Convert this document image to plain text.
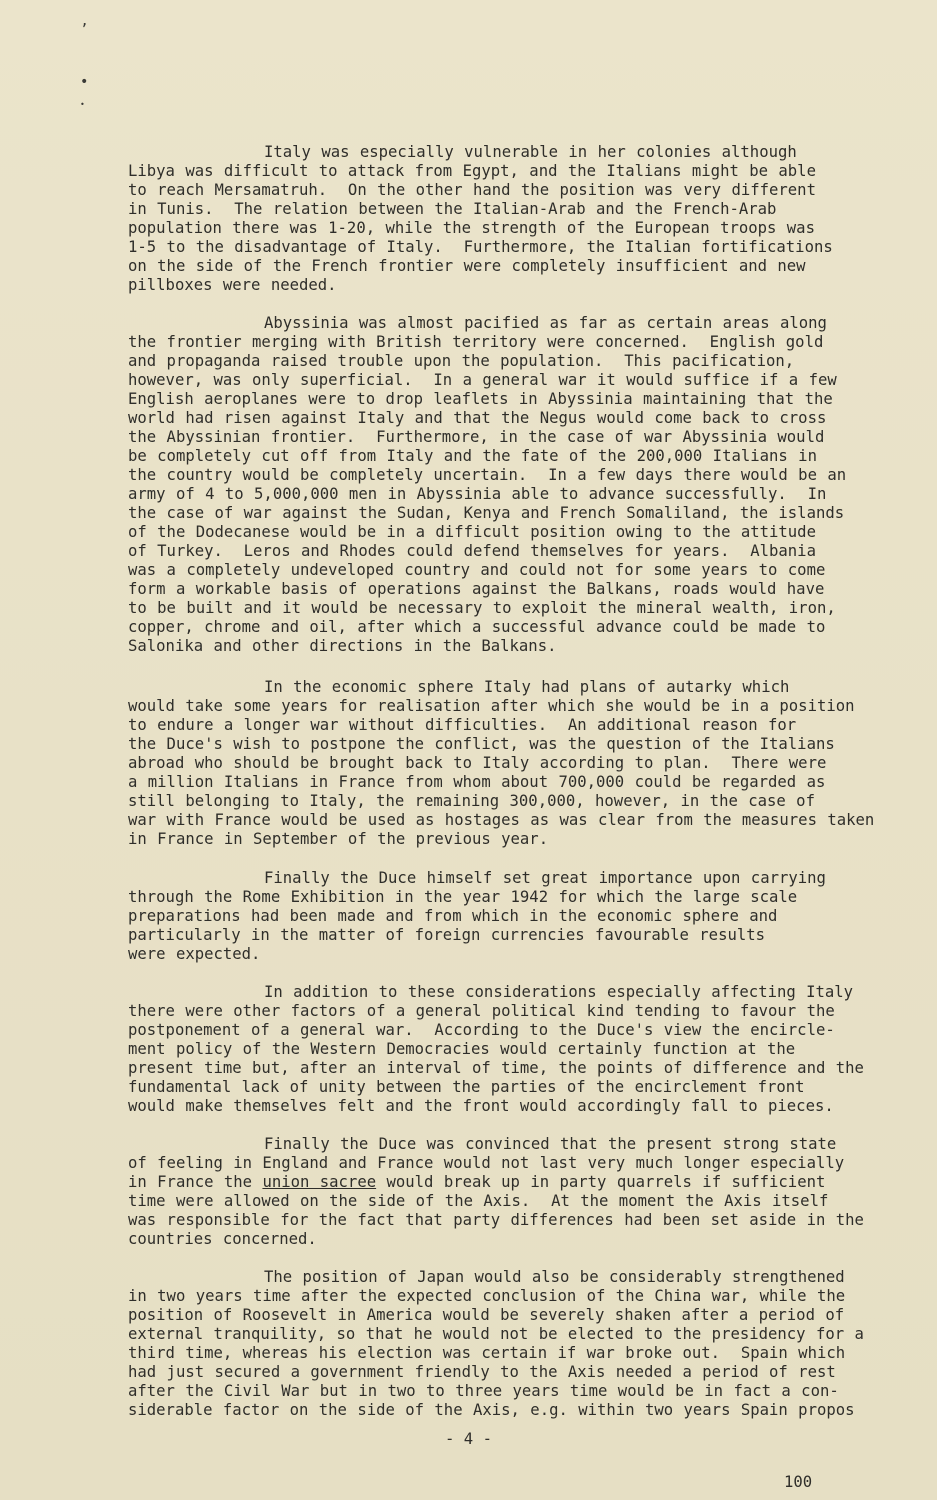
’
•
•
Italy was especially vulnerable in her colonies although
Libya was difficult to attack from Egypt, and the Italians might be able
to reach Mersamatruh.  On the other hand the position was very different
in Tunis.  The relation between the Italian-Arab and the French-Arab
population there was 1-20, while the strength of the European troops was
1-5 to the disadvantage of Italy.  Furthermore, the Italian fortifications
on the side of the French frontier were completely insufficient and new
pillboxes were needed.
Abyssinia was almost pacified as far as certain areas along
the frontier merging with British territory were concerned.  English gold
and propaganda raised trouble upon the population.  This pacification,
however, was only superficial.  In a general war it would suffice if a few
English aeroplanes were to drop leaflets in Abyssinia maintaining that the
world had risen against Italy and that the Negus would come back to cross
the Abyssinian frontier.  Furthermore, in the case of war Abyssinia would
be completely cut off from Italy and the fate of the 200,000 Italians in
the country would be completely uncertain.  In a few days there would be an
army of 4 to 5,000,000 men in Abyssinia able to advance successfully.  In
the case of war against the Sudan, Kenya and French Somaliland, the islands
of the Dodecanese would be in a difficult position owing to the attitude
of Turkey.  Leros and Rhodes could defend themselves for years.  Albania
was a completely undeveloped country and could not for some years to come
form a workable basis of operations against the Balkans, roads would have
to be built and it would be necessary to exploit the mineral wealth, iron,
copper, chrome and oil, after which a successful advance could be made to
Salonika and other directions in the Balkans.
In the economic sphere Italy had plans of autarky which
would take some years for realisation after which she would be in a position
to endure a longer war without difficulties.  An additional reason for
the Duce's wish to postpone the conflict, was the question of the Italians
abroad who should be brought back to Italy according to plan.  There were
a million Italians in France from whom about 700,000 could be regarded as
still belonging to Italy, the remaining 300,000, however, in the case of
war with France would be used as hostages as was clear from the measures taken
in France in September of the previous year.
Finally the Duce himself set great importance upon carrying
through the Rome Exhibition in the year 1942 for which the large scale
preparations had been made and from which in the economic sphere and
particularly in the matter of foreign currencies favourable results
were expected.
In addition to these considerations especially affecting Italy
there were other factors of a general political kind tending to favour the
postponement of a general war.  According to the Duce's view the encircle-
ment policy of the Western Democracies would certainly function at the
present time but, after an interval of time, the points of difference and the
fundamental lack of unity between the parties of the encirclement front
would make themselves felt and the front would accordingly fall to pieces.
Finally the Duce was convinced that the present strong state
of feeling in England and France would not last very much longer especially
in France the union sacree would break up in party quarrels if sufficient
time were allowed on the side of the Axis.  At the moment the Axis itself
was responsible for the fact that party differences had been set aside in the
countries concerned.
The position of Japan would also be considerably strengthened
in two years time after the expected conclusion of the China war, while the
position of Roosevelt in America would be severely shaken after a period of
external tranquility, so that he would not be elected to the presidency for a
third time, whereas his election was certain if war broke out.  Spain which
had just secured a government friendly to the Axis needed a period of rest
after the Civil War but in two to three years time would be in fact a con-
siderable factor on the side of the Axis, e.g. within two years Spain propos
- 4 -
100
